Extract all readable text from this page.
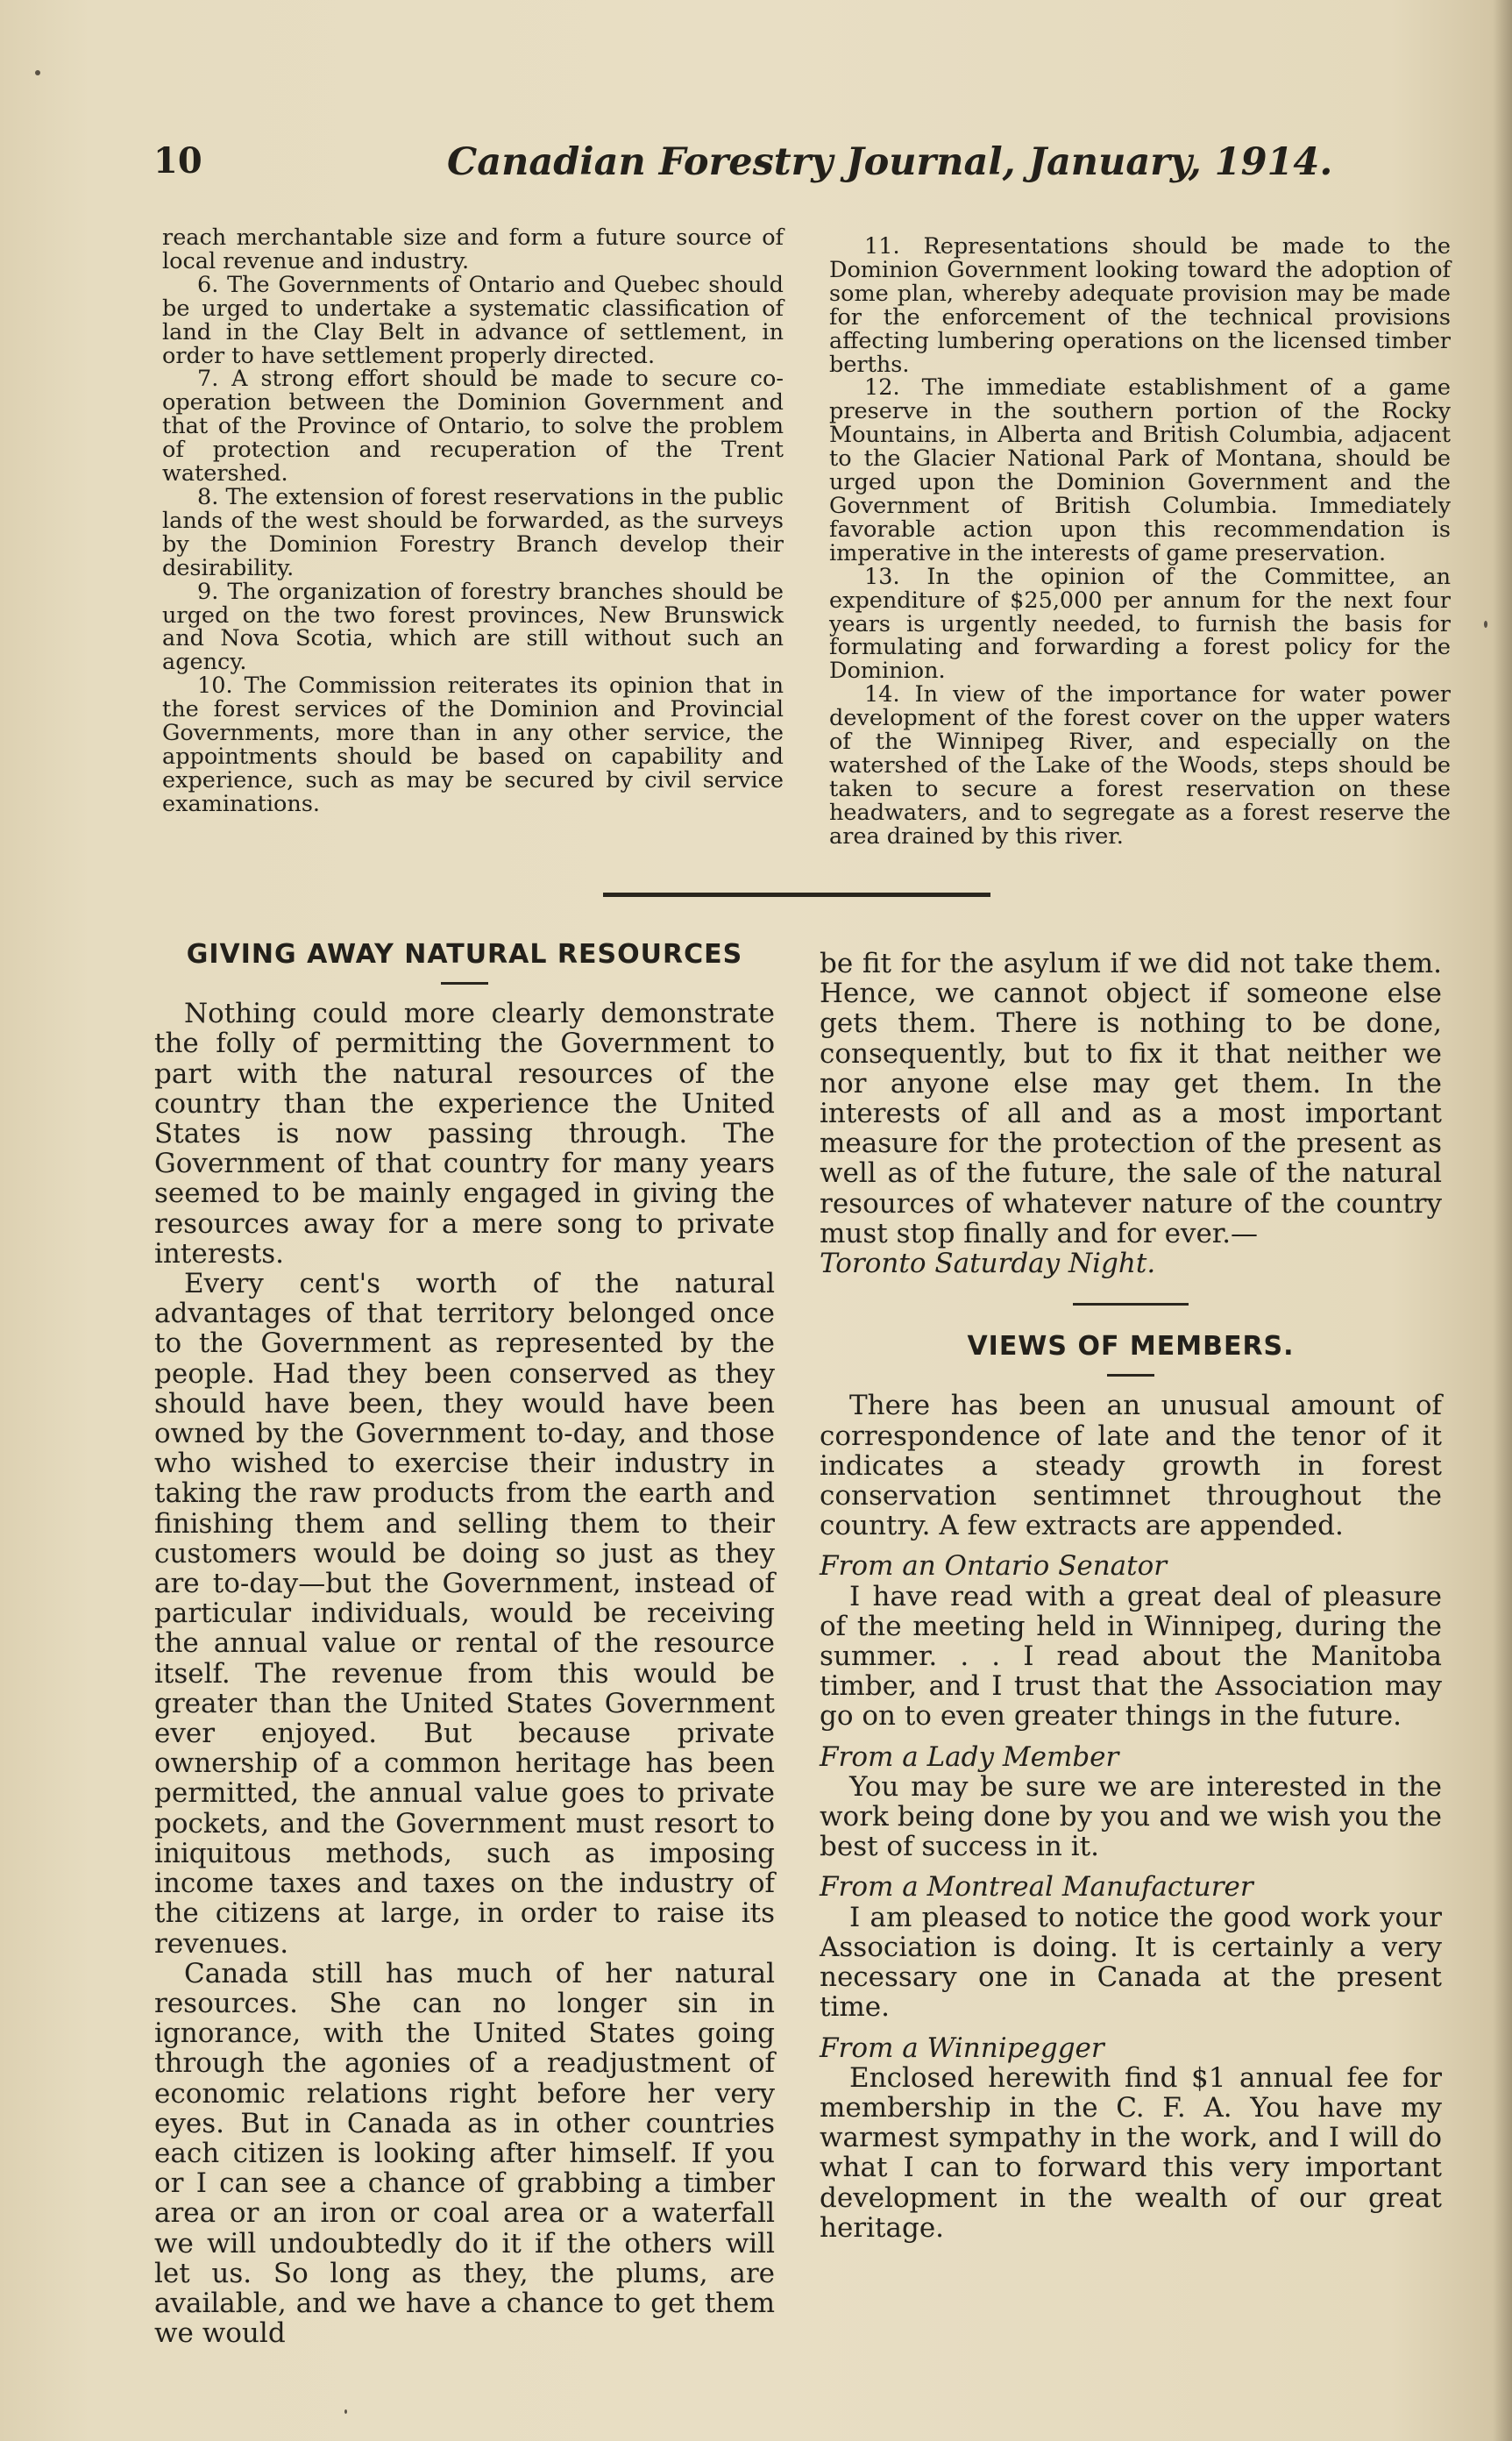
10	Canadian Forestry Journal, January, 1914.

reach merchantable size and form a future source of local revenue and industry.

6. The Governments of Ontario and Quebec should be urged to undertake a systematic classification of land in the Clay Belt in advance of settlement, in order to have settlement properly directed.

7. A strong effort should be made to secure co-operation between the Dominion Government and that of the Province of Ontario, to solve the problem of protection and recuperation of the Trent watershed.

8. The extension of forest reservations in the public lands of the west should be forwarded, as the surveys by the Dominion Forestry Branch develop their desirability.

9. The organization of forestry branches should be urged on the two forest provinces, New Brunswick and Nova Scotia, which are still without such an agency.

10. The Commission reiterates its opinion that in the forest services of the Dominion and Provincial Governments, more than in any other service, the appointments should be based on capability and experience, such as may be secured by civil service examinations.

11. Representations should be made to the Dominion Government looking toward the adoption of some plan, whereby adequate provision may be made for the enforcement of the technical provisions affecting lumbering operations on the licensed timber berths.

12. The immediate establishment of a game preserve in the southern portion of the Rocky Mountains, in Alberta and British Columbia, adjacent to the Glacier National Park of Montana, should be urged upon the Dominion Government and the Government of British Columbia. Immediately favorable action upon this recommendation is imperative in the interests of game preservation.

13. In the opinion of the Committee, an expenditure of $25,000 per annum for the next four years is urgently needed, to furnish the basis for formulating and forwarding a forest policy for the Dominion.

14. In view of the importance for water power development of the forest cover on the upper waters of the Winnipeg River, and especially on the watershed of the Lake of the Woods, steps should be taken to secure a forest reservation on these headwaters, and to segregate as a forest reserve the area drained by this river.

GIVING AWAY NATURAL RESOURCES

Nothing could more clearly demonstrate the folly of permitting the Government to part with the natural resources of the country than the experience the United States is now passing through. The Government of that country for many years seemed to be mainly engaged in giving the resources away for a mere song to private interests.

Every cent's worth of the natural advantages of that territory belonged once to the Government as represented by the people. Had they been conserved as they should have been, they would have been owned by the Government to-day, and those who wished to exercise their industry in taking the raw products from the earth and finishing them and selling them to their customers would be doing so just as they are to-day—but the Government, instead of particular individuals, would be receiving the annual value or rental of the resource itself. The revenue from this would be greater than the United States Government ever enjoyed. But because private ownership of a common heritage has been permitted, the annual value goes to private pockets, and the Government must resort to iniquitous methods, such as imposing income taxes and taxes on the industry of the citizens at large, in order to raise its revenues.

Canada still has much of her natural resources. She can no longer sin in ignorance, with the United States going through the agonies of a readjustment of economic relations right before her very eyes. But in Canada as in other countries each citizen is looking after himself. If you or I can see a chance of grabbing a timber area or an iron or coal area or a waterfall we will undoubtedly do it if the others will let us. So long as they, the plums, are available, and we have a chance to get them we would

be fit for the asylum if we did not take them. Hence, we cannot object if someone else gets them. There is nothing to be done, consequently, but to fix it that neither we nor anyone else may get them. In the interests of all and as a most important measure for the protection of the present as well as of the future, the sale of the natural resources of whatever nature of the country must stop finally and for ever.—

Toronto Saturday Night.

VIEWS OF MEMBERS.

There has been an unusual amount of correspondence of late and the tenor of it indicates a steady growth in forest conservation sentimnet throughout the country. A few extracts are appended.

From an Ontario Senator

I have read with a great deal of pleasure of the meeting held in Winnipeg, during the summer. . . I read about the Manitoba timber, and I trust that the Association may go on to even greater things in the future.

From a Lady Member

You may be sure we are interested in the work being done by you and we wish you the best of success in it.

From a Montreal Manufacturer

I am pleased to notice the good work your Association is doing. It is certainly a very necessary one in Canada at the present time.

From a Winnipegger

Enclosed herewith find $1 annual fee for membership in the C. F. A. You have my warmest sympathy in the work, and I will do what I can to forward this very important development in the wealth of our great heritage.
